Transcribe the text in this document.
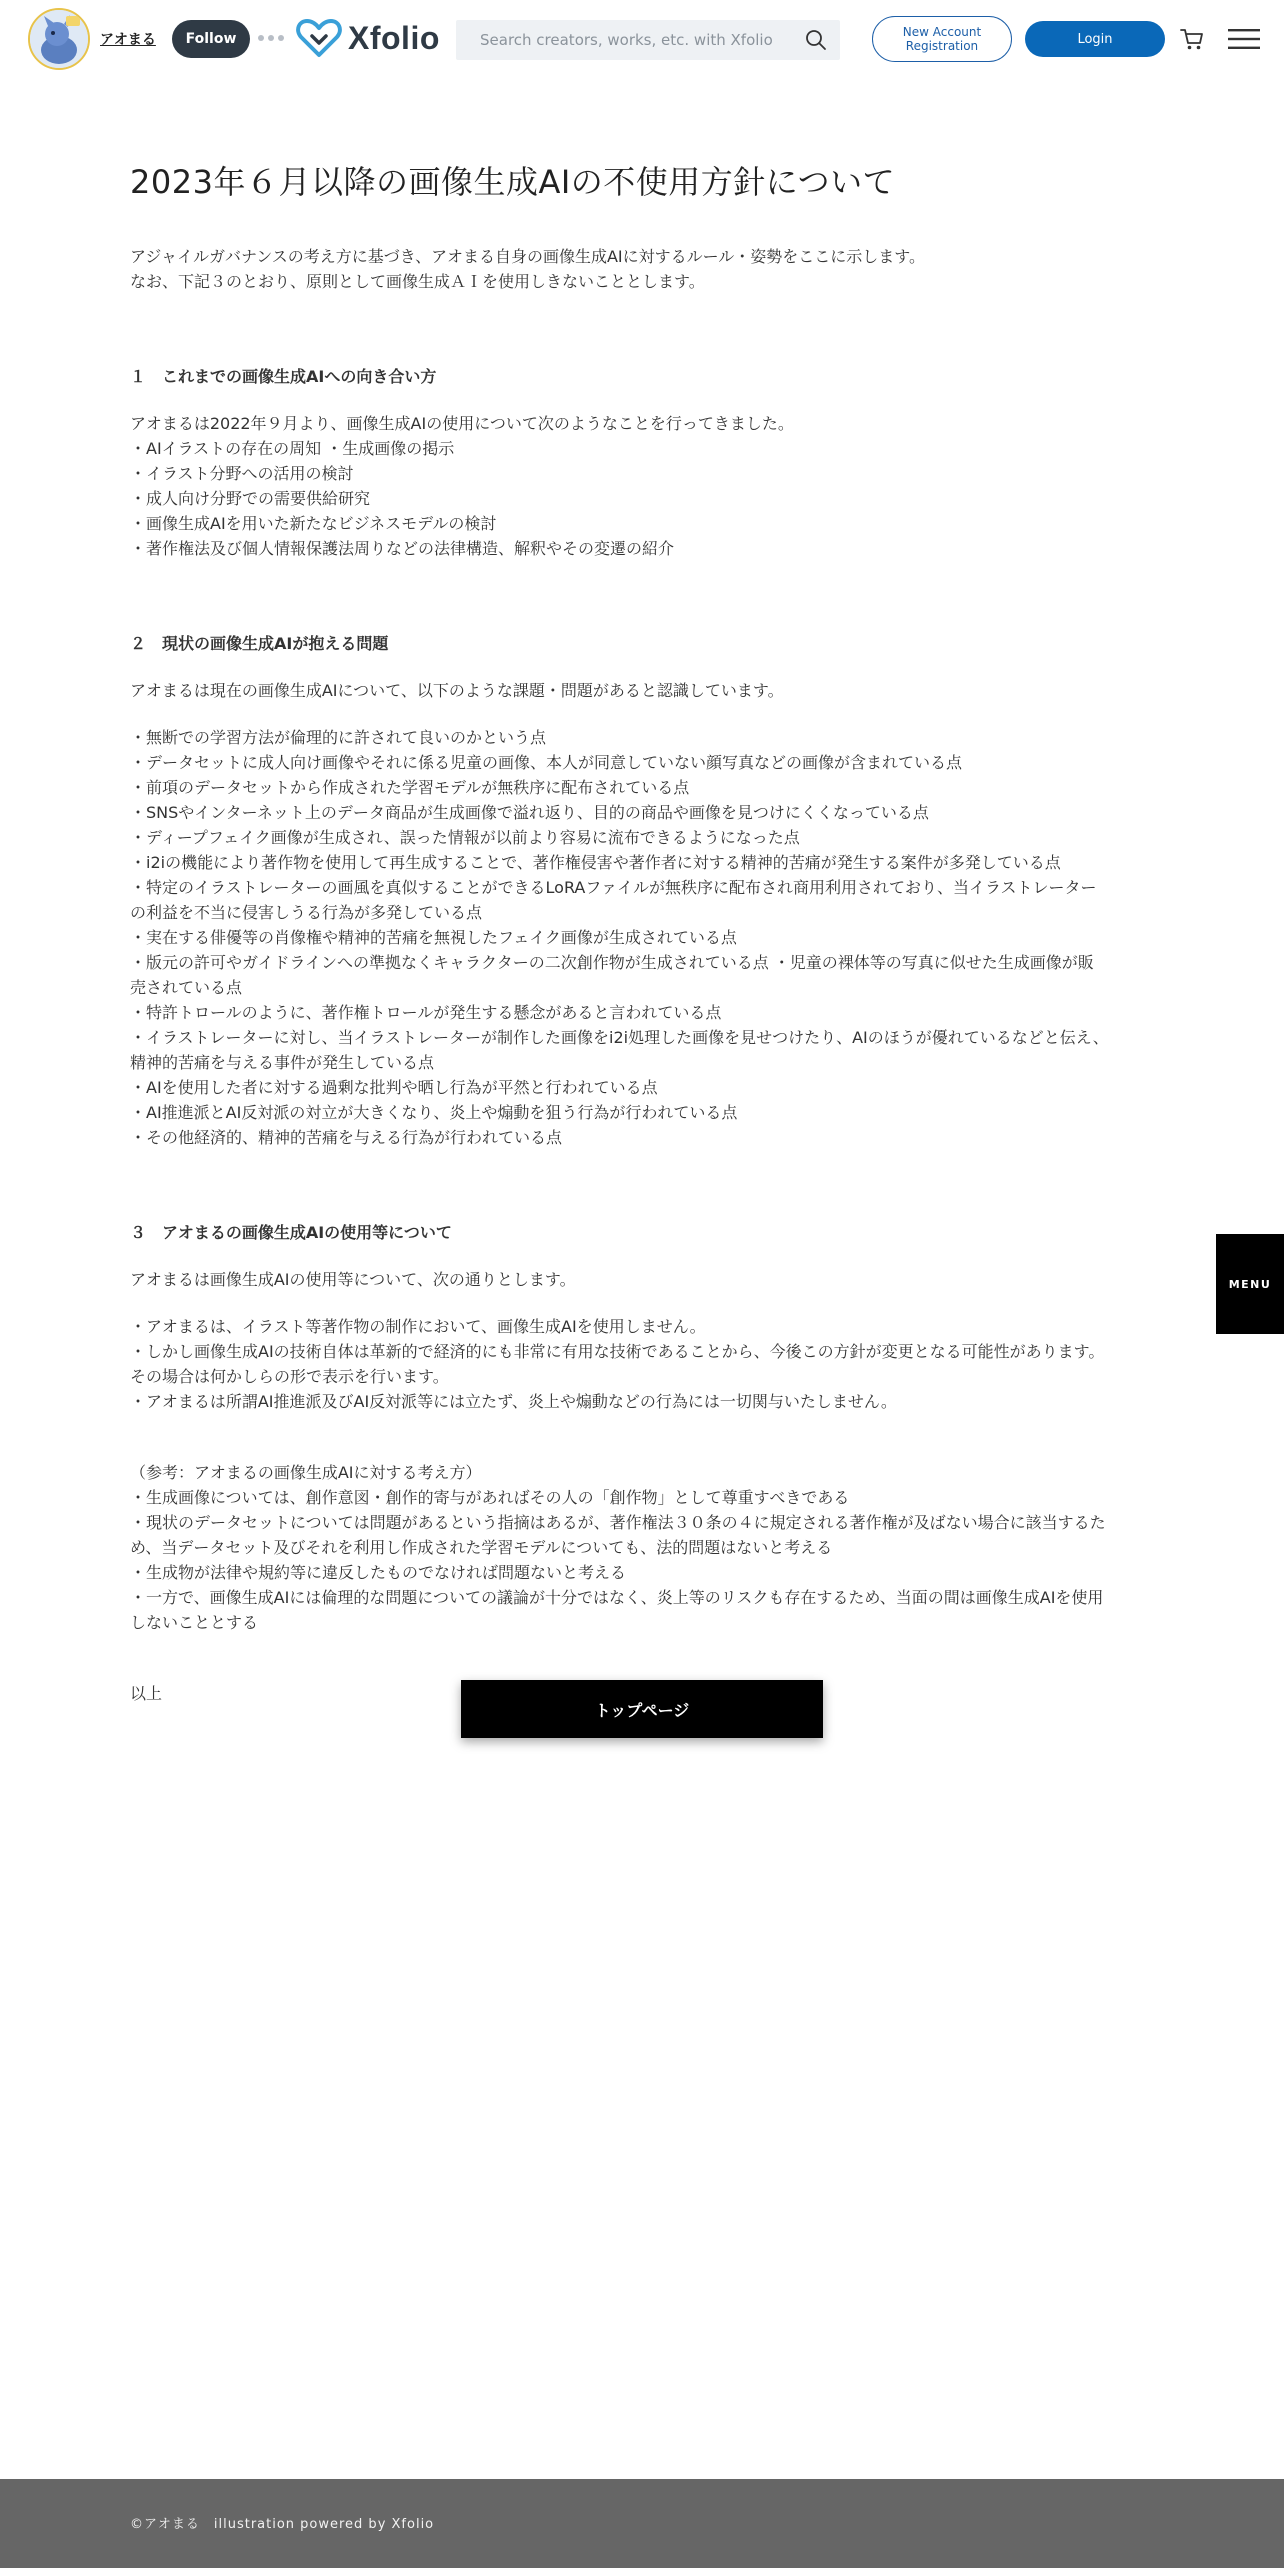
アオまる	Follow	Xfolio
Search creators, works, etc. with Xfolio	New Account
Registration	Login
2023年６月以降の画像生成AIの不使用方針について

アジャイルガバナンスの考え方に基づき、アオまる自身の画像生成AIに対するルール・姿勢をここに示します。
なお、下記３のとおり、原則として画像生成ＡＩを使用しきないこととします。

１　これまでの画像生成AIへの向き合い方

アオまるは2022年９月より、画像生成AIの使用について次のようなことを行ってきました。
・AIイラストの存在の周知 ・生成画像の掲示
・イラスト分野への活用の検討
・成人向け分野での需要供給研究
・画像生成AIを用いた新たなビジネスモデルの検討
・著作権法及び個人情報保護法周りなどの法律構造、解釈やその変遷の紹介

２　現状の画像生成AIが抱える問題

アオまるは現在の画像生成AIについて、以下のような課題・問題があると認識しています。

・無断での学習方法が倫理的に許されて良いのかという点
・データセットに成人向け画像やそれに係る児童の画像、本人が同意していない顔写真などの画像が含まれている点
・前項のデータセットから作成された学習モデルが無秩序に配布されている点
・SNSやインターネット上のデータ商品が生成画像で溢れ返り、目的の商品や画像を見つけにくくなっている点
・ディープフェイク画像が生成され、誤った情報が以前より容易に流布できるようになった点
・i2iの機能により著作物を使用して再生成することで、著作権侵害や著作者に対する精神的苦痛が発生する案件が多発している点
・特定のイラストレーターの画風を真似することができるLoRAファイルが無秩序に配布され商用利用されており、当イラストレーター
の利益を不当に侵害しうる行為が多発している点
・実在する俳優等の肖像権や精神的苦痛を無視したフェイク画像が生成されている点
・版元の許可やガイドラインへの準拠なくキャラクターの二次創作物が生成されている点 ・児童の裸体等の写真に似せた生成画像が販
売されている点
・特許トロールのように、著作権トロールが発生する懸念があると言われている点
・イラストレーターに対し、当イラストレーターが制作した画像をi2i処理した画像を見せつけたり、AIのほうが優れているなどと伝え、
精神的苦痛を与える事件が発生している点
・AIを使用した者に対する過剰な批判や晒し行為が平然と行われている点
・AI推進派とAI反対派の対立が大きくなり、炎上や煽動を狙う行為が行われている点
・その他経済的、精神的苦痛を与える行為が行われている点

３　アオまるの画像生成AIの使用等について

アオまるは画像生成AIの使用等について、次の通りとします。

・アオまるは、イラスト等著作物の制作において、画像生成AIを使用しません。
・しかし画像生成AIの技術自体は革新的で経済的にも非常に有用な技術であることから、今後この方針が変更となる可能性があります。
その場合は何かしらの形で表示を行います。
・アオまるは所謂AI推進派及びAI反対派等には立たず、炎上や煽動などの行為には一切関与いたしません。

（参考：アオまるの画像生成AIに対する考え方）
・生成画像については、創作意図・創作的寄与があればその人の「創作物」として尊重すべきである
・現状のデータセットについては問題があるという指摘はあるが、著作権法３０条の４に規定される著作権が及ばない場合に該当するた
め、当データセット及びそれを利用し作成された学習モデルについても、法的問題はないと考える
・生成物が法律や規約等に違反したものでなければ問題ないと考える
・一方で、画像生成AIには倫理的な問題についての議論が十分ではなく、炎上等のリスクも存在するため、当面の間は画像生成AIを使用
しないこととする

以上

トップページ
MENU
©アオまる　illustration powered by Xfolio
